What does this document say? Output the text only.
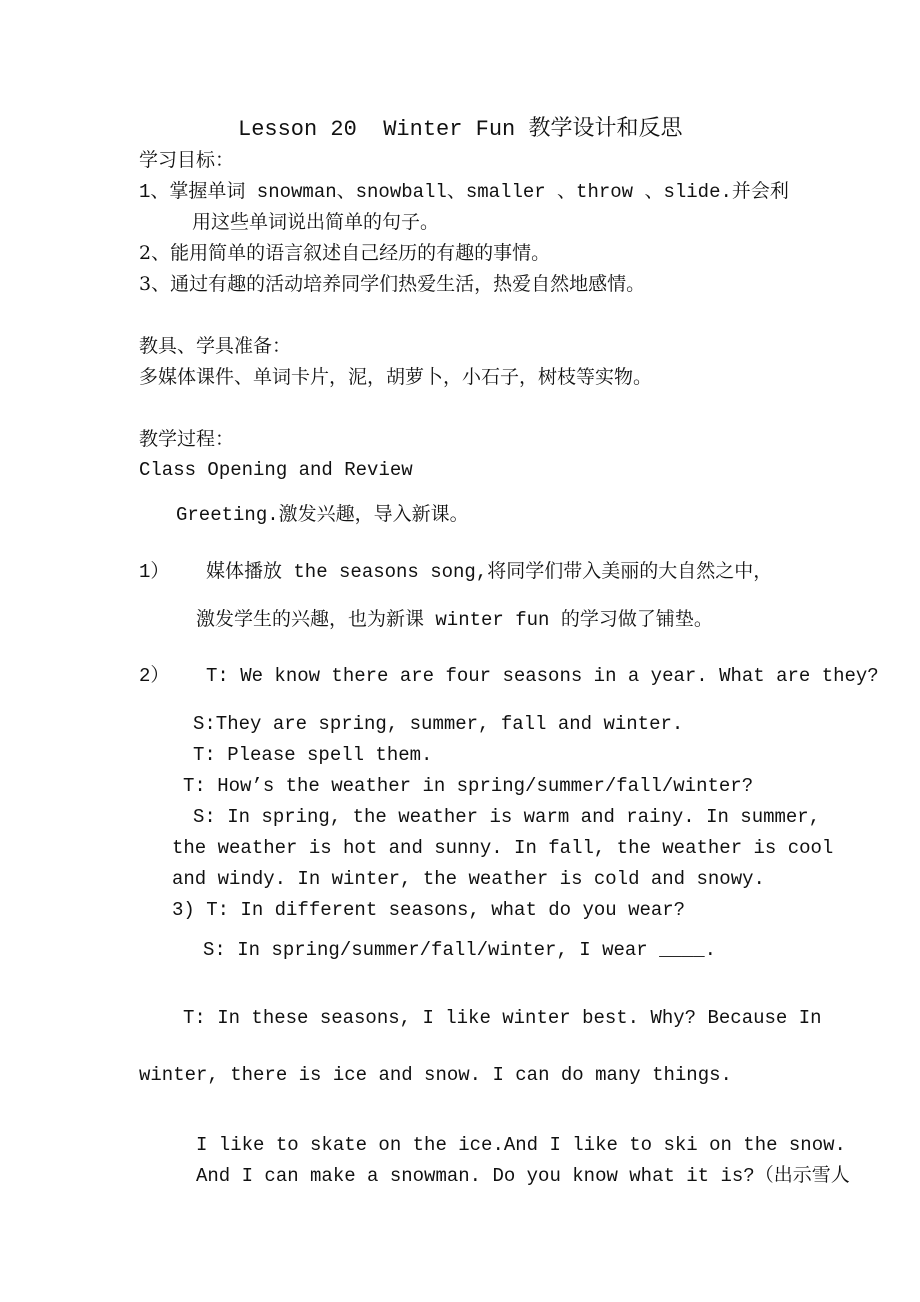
Lesson 20  Winter Fun 教学设计和反思
学习目标：
1、掌握单词 snowman、snowball、smaller 、throw 、slide.并会利
用这些单词说出简单的句子。
2、能用简单的语言叙述自己经历的有趣的事情。
3、通过有趣的活动培养同学们热爱生活，热爱自然地感情。
教具、学具准备：
多媒体课件、单词卡片，泥，胡萝卜，小石子，树枝等实物。
教学过程：
Class Opening and Review
Greeting.激发兴趣，导入新课。
1） 媒体播放 the seasons song,将同学们带入美丽的大自然之中，
激发学生的兴趣，也为新课 winter fun 的学习做了铺垫。
2） T: We know there are four seasons in a year. What are they?
S:They are spring, summer, fall and winter.
T: Please spell them.
T: How’s the weather in spring/summer/fall/winter?
S: In spring, the weather is warm and rainy. In summer,
the weather is hot and sunny. In fall, the weather is cool
and windy. In winter, the weather is cold and snowy.
3) T: In different seasons, what do you wear?
S: In spring/summer/fall/winter, I wear ____.
T: In these seasons, I like winter best. Why? Because In
winter, there is ice and snow. I can do many things.
I like to skate on the ice.And I like to ski on the snow.
And I can make a snowman. Do you know what it is?（出示雪人
